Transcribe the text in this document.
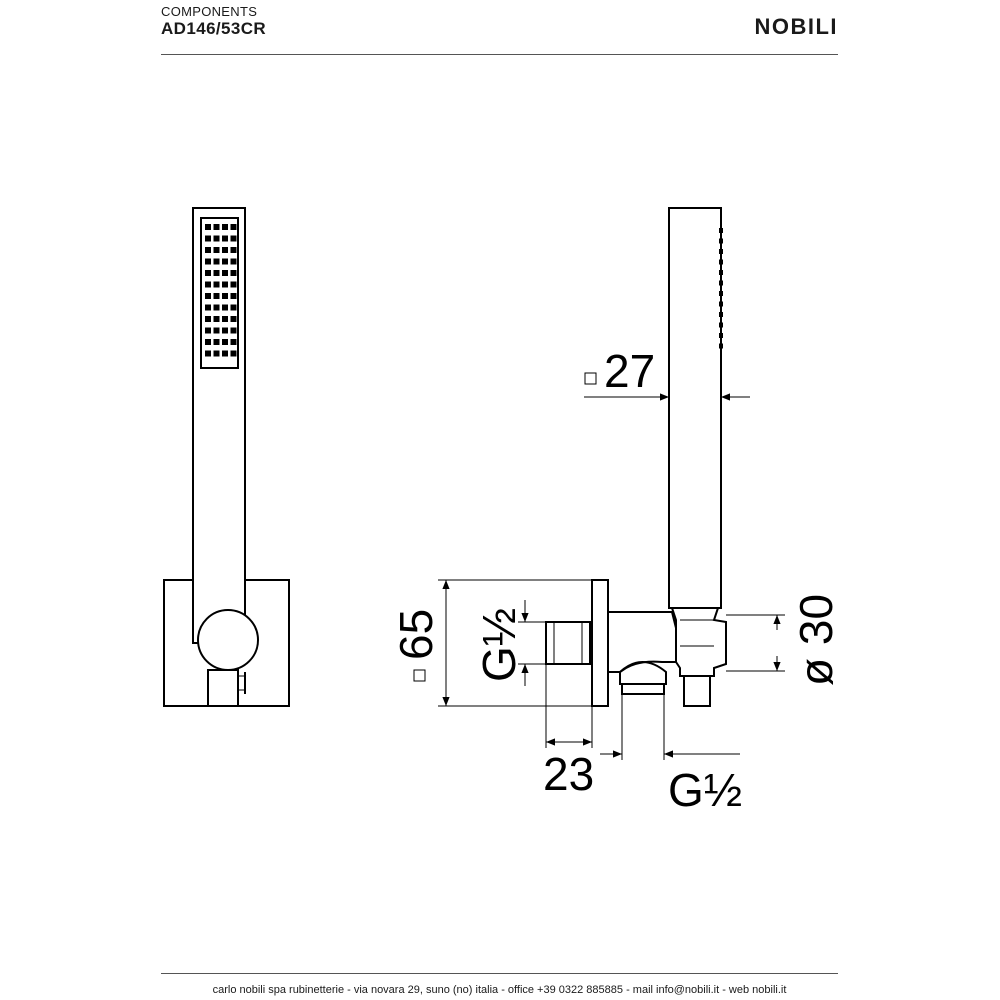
COMPONENTS
AD146/53CR	NOBILI
27
65 G½	ø 30
23 G½
carlo nobili spa rubinetterie - via novara 29, suno (no) italia - office +39 0322 885885 - mail info@nobili.it - web nobili.it
